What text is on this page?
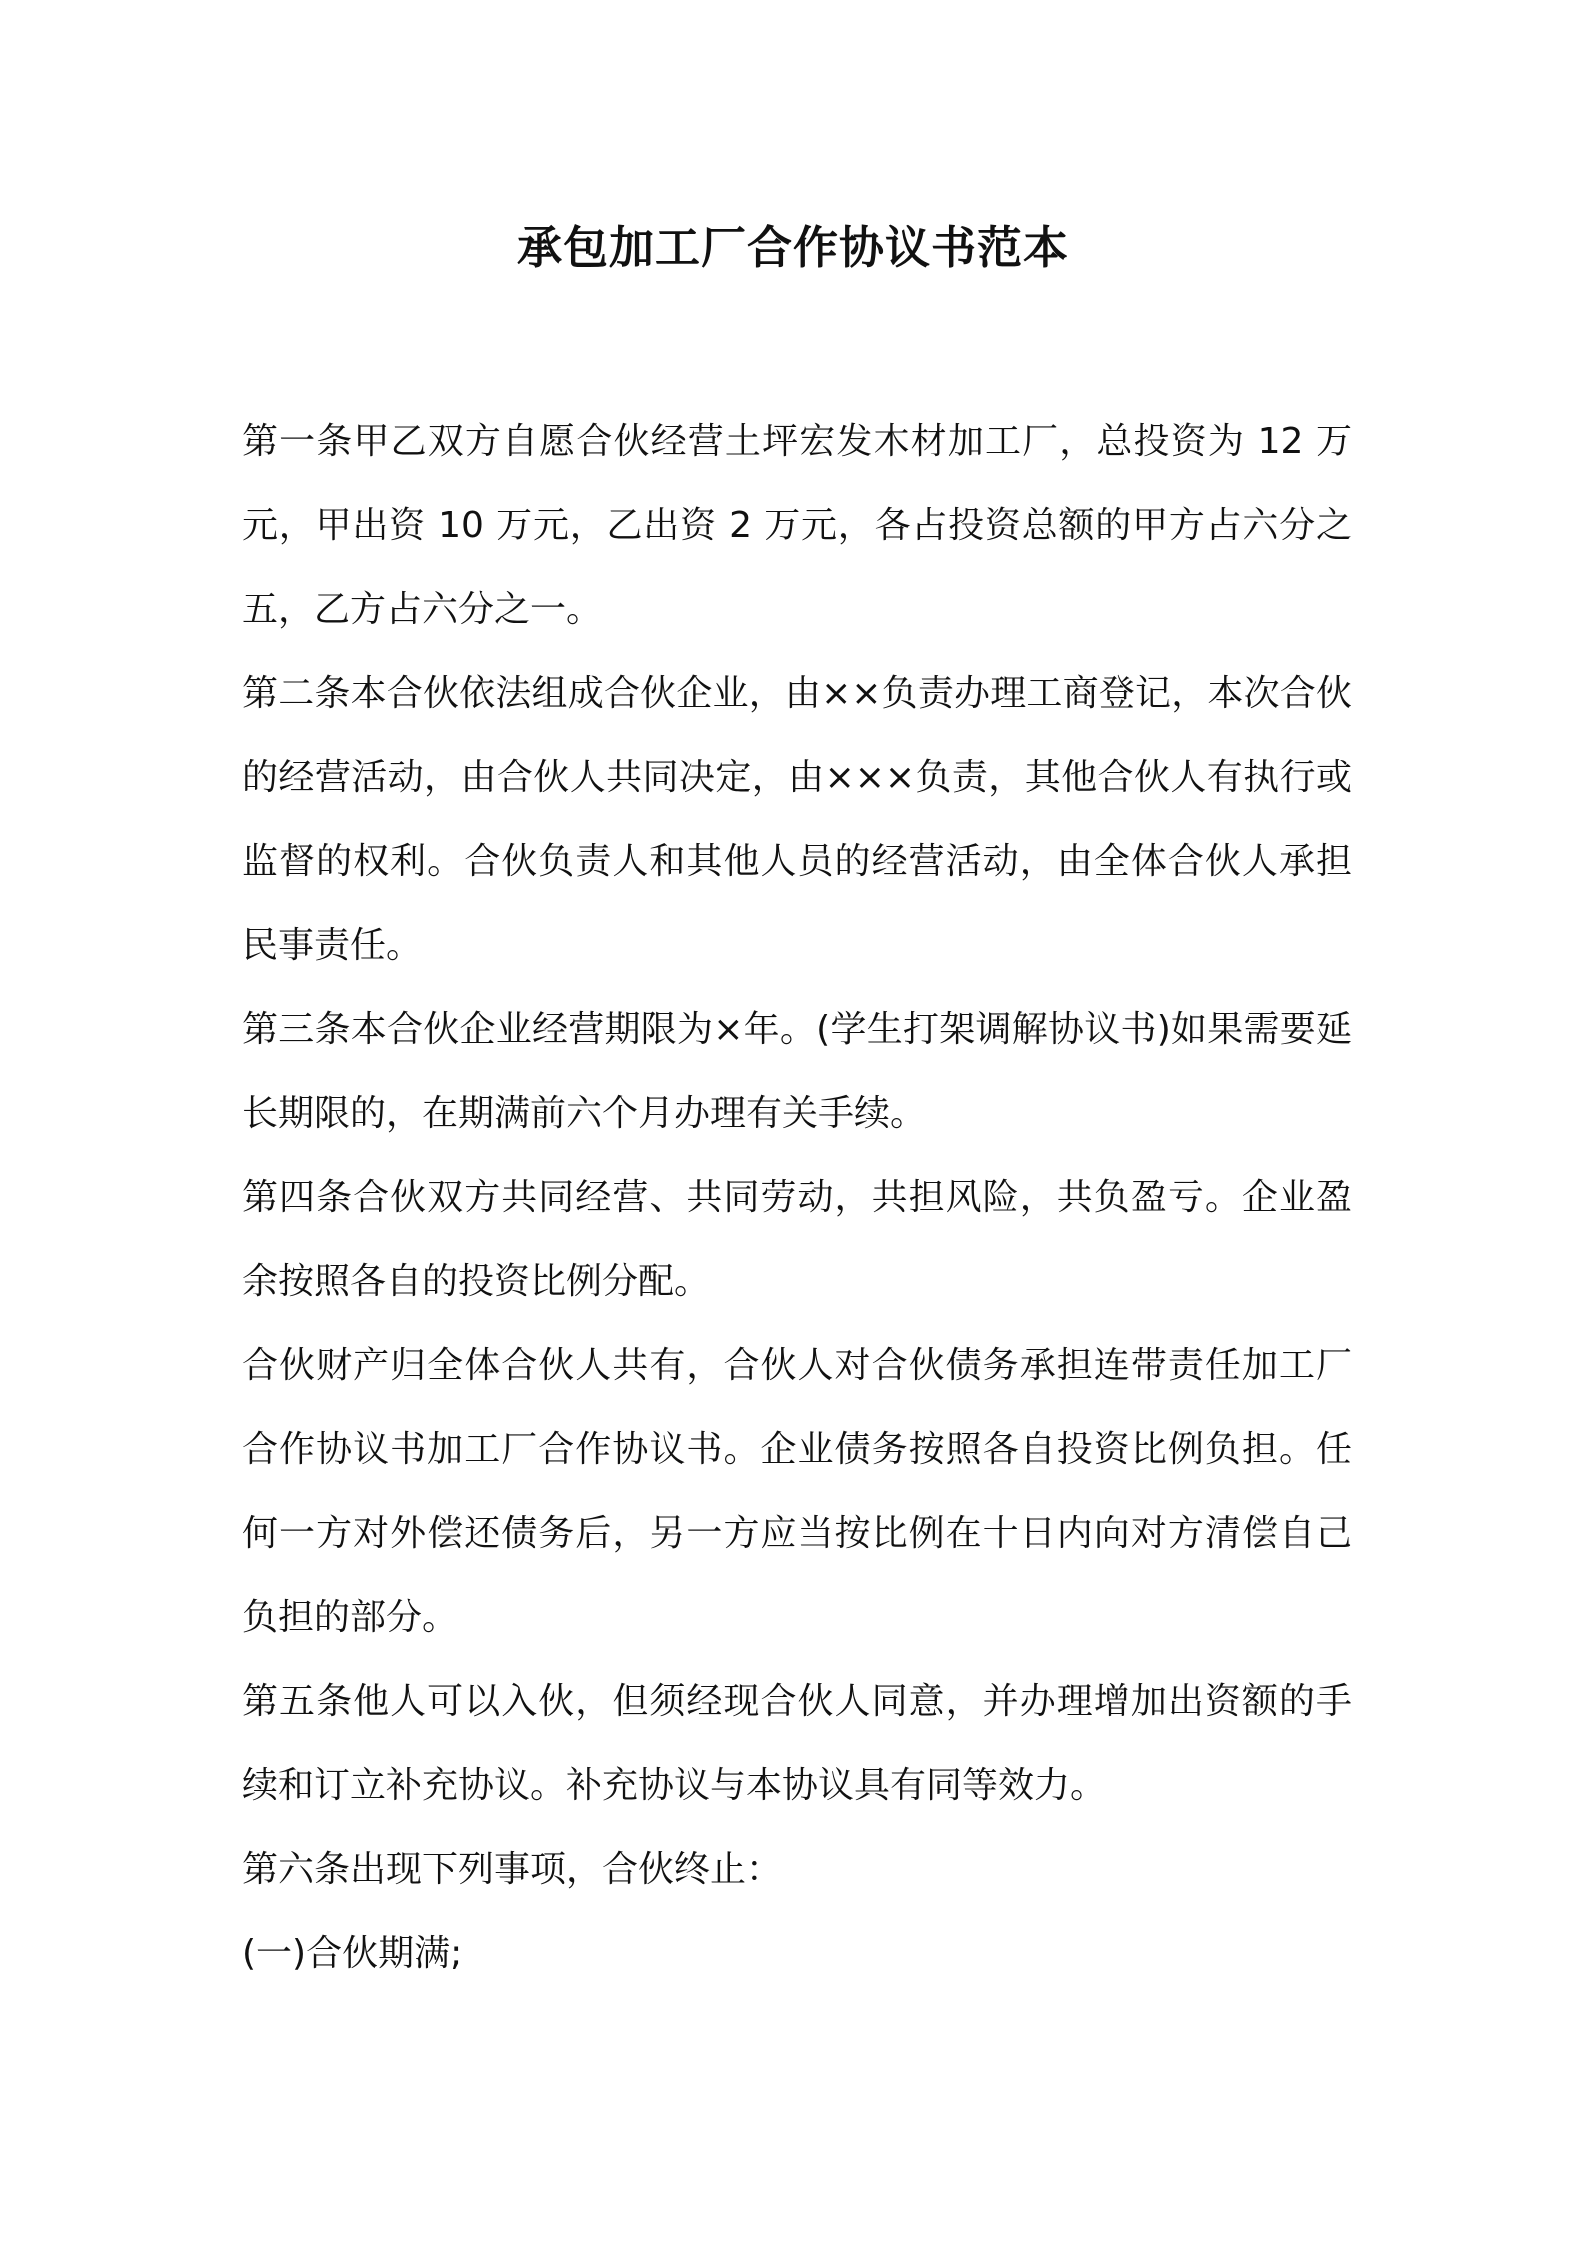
承包加工厂合作协议书范本

第一条甲乙双方自愿合伙经营土坪宏发木材加工厂，总投资为 12 万元，甲出资 10 万元，乙出资 2 万元，各占投资总额的甲方占六分之五，乙方占六分之一。

第二条本合伙依法组成合伙企业，由××负责办理工商登记，本次合伙的经营活动，由合伙人共同决定，由×××负责，其他合伙人有执行或监督的权利。合伙负责人和其他人员的经营活动，由全体合伙人承担民事责任。

第三条本合伙企业经营期限为×年。(学生打架调解协议书)如果需要延长期限的，在期满前六个月办理有关手续。

第四条合伙双方共同经营、共同劳动，共担风险，共负盈亏。企业盈余按照各自的投资比例分配。

合伙财产归全体合伙人共有，合伙人对合伙债务承担连带责任加工厂合作协议书加工厂合作协议书。企业债务按照各自投资比例负担。任何一方对外偿还债务后，另一方应当按比例在十日内向对方清偿自己负担的部分。

第五条他人可以入伙，但须经现合伙人同意，并办理增加出资额的手续和订立补充协议。补充协议与本协议具有同等效力。

第六条出现下列事项，合伙终止：

(一)合伙期满;
